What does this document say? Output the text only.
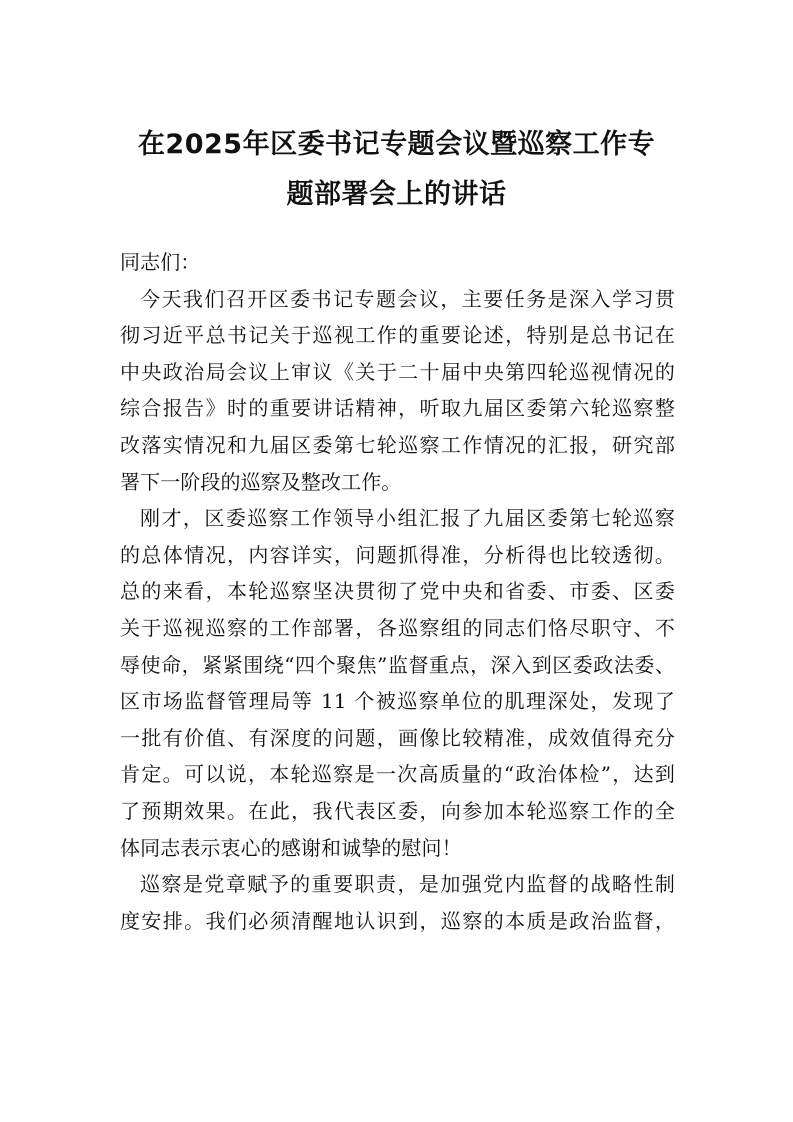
在2025年区委书记专题会议暨巡察工作专
题部署会上的讲话
同志们：
今天我们召开区委书记专题会议，主要任务是深入学习贯
彻习近平总书记关于巡视工作的重要论述，特别是总书记在
中央政治局会议上审议《关于二十届中央第四轮巡视情况的
综合报告》时的重要讲话精神，听取九届区委第六轮巡察整
改落实情况和九届区委第七轮巡察工作情况的汇报，研究部
署下一阶段的巡察及整改工作。
刚才，区委巡察工作领导小组汇报了九届区委第七轮巡察
的总体情况，内容详实，问题抓得准，分析得也比较透彻。
总的来看，本轮巡察坚决贯彻了党中央和省委、市委、区委
关于巡视巡察的工作部署，各巡察组的同志们恪尽职守、不
辱使命，紧紧围绕“四个聚焦”监督重点，深入到区委政法委、
区市场监督管理局等 11 个被巡察单位的肌理深处，发现了
一批有价值、有深度的问题，画像比较精准，成效值得充分
肯定。可以说，本轮巡察是一次高质量的“政治体检”，达到
了预期效果。在此，我代表区委，向参加本轮巡察工作的全
体同志表示衷心的感谢和诚挚的慰问！
巡察是党章赋予的重要职责，是加强党内监督的战略性制
度安排。我们必须清醒地认识到，巡察的本质是政治监督，
